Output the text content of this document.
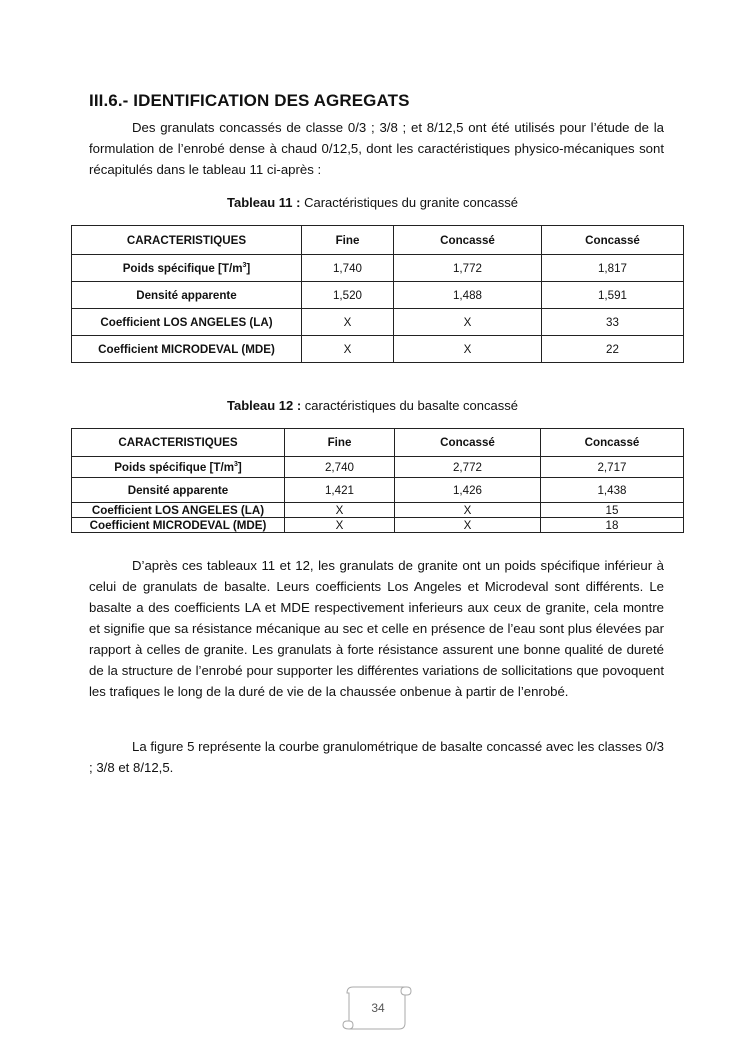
III.6.- IDENTIFICATION DES AGREGATS

Des granulats concassés de classe 0/3 ; 3/8 ; et 8/12,5 ont été utilisés pour l’étude de la formulation de l’enrobé dense à chaud 0/12,5, dont les caractéristiques physico-mécaniques sont récapitulés dans le tableau 11 ci-après :

Tableau 11 : Caractéristiques du granite concassé
CARACTERISTIQUES	Fine	Concassé	Concassé
Poids spécifique $[T/m^3]$	1,740	1,772	1,817
Densité apparente	1,520	1,488	1,591
Coefficient LOS ANGELES (LA)	X	X	33
Coefficient MICRODEVAL (MDE)	X	X	22
Tableau 12 : caractéristiques du basalte concassé
CARACTERISTIQUES	Fine	Concassé	Concassé
Poids spécifique $[T/m^3]$	2,740	2,772	2,717
Densité apparente	1,421	1,426	1,438
Coefficient LOS ANGELES (LA)	X	X	15
Coefficient MICRODEVAL (MDE)	X	X	18

D’après ces tableaux 11 et 12, les granulats de granite ont un poids spécifique inférieur à celui de granulats de basalte. Leurs coefficients Los Angeles et Microdeval sont différents. Le basalte a des coefficients LA et MDE respectivement inferieurs aux ceux de granite, cela montre et signifie que sa résistance mécanique au sec et celle en présence de l’eau sont plus élevées par rapport à celles de granite. Les granulats à forte résistance assurent une bonne qualité de dureté de la structure de l’enrobé pour supporter les différentes variations de sollicitations que povoquent les trafiques le long de la duré de vie de la chaussée onbenue à partir de l’enrobé.

La figure 5 représente la courbe granulométrique de basalte concassé avec les classes 0/3 ; 3/8 et 8/12,5.

34
